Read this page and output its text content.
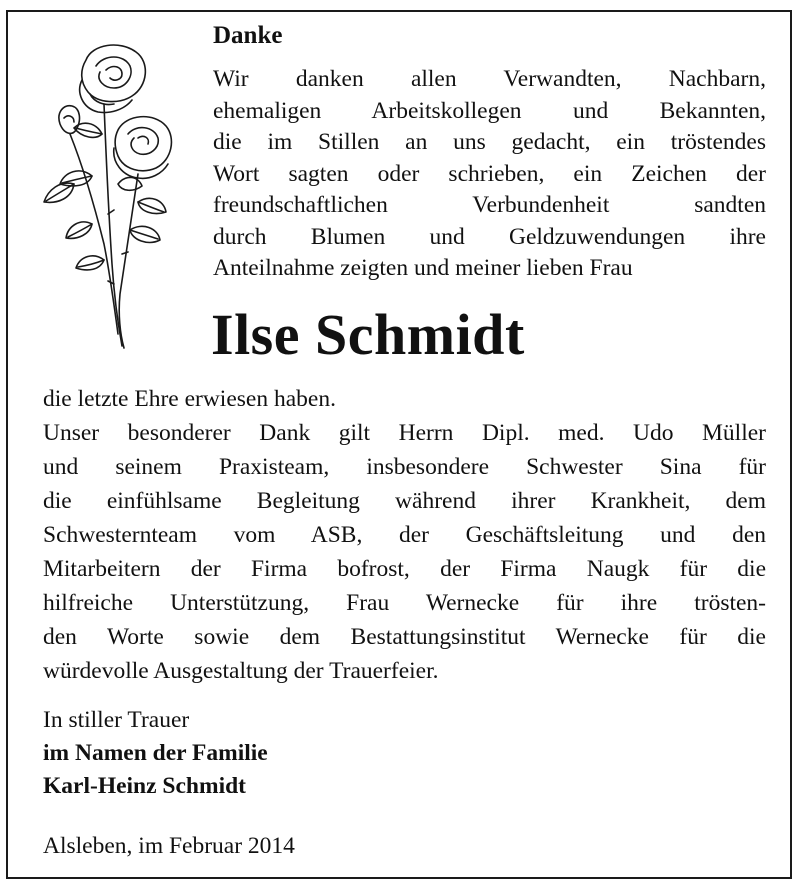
Danke

Wir danken allen Verwandten, Nachbarn,
ehemaligen Arbeitskollegen und Bekannten,
die im Stillen an uns gedacht, ein tröstendes
Wort sagten oder schrieben, ein Zeichen der
freundschaftlichen Verbundenheit sandten
durch Blumen und Geldzuwendungen ihre
Anteilnahme zeigten und meiner lieben Frau

Ilse Schmidt

die letzte Ehre erwiesen haben.
Unser besonderer Dank gilt Herrn Dipl. med. Udo Müller
und seinem Praxisteam, insbesondere Schwester Sina für
die einfühlsame Begleitung während ihrer Krankheit, dem
Schwesternteam vom ASB, der Geschäftsleitung und den
Mitarbeitern der Firma bofrost, der Firma Naugk für die
hilfreiche Unterstützung, Frau Wernecke für ihre trösten-
den Worte sowie dem Bestattungsinstitut Wernecke für die
würdevolle Ausgestaltung der Trauerfeier.

In stiller Trauer
im Namen der Familie
Karl-Heinz Schmidt
Alsleben, im Februar 2014
